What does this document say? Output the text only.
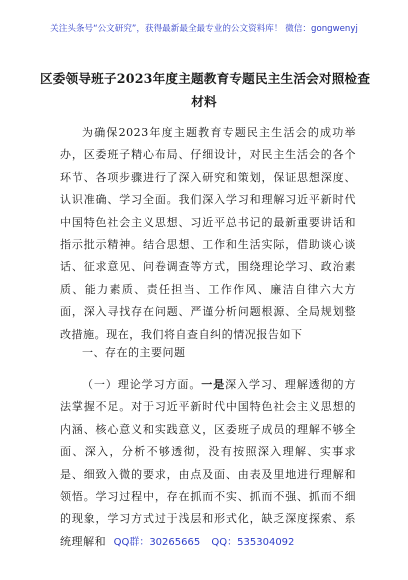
关注头条号“公文研究”，获得最新最全最专业的公文资料库！ 微信：gongwenyj
区委领导班子2023年度主题教育专题民主生活会对照检查
材料

为确保2023年度主题教育专题民主生活会的成功举办，区委班子精心布局、仔细设计，对民主生活会的各个环节、各项步骤进行了深入研究和策划，保证思想深度、认识准确、学习全面。我们深入学习和理解习近平新时代中国特色社会主义思想、习近平总书记的最新重要讲话和指示批示精神。结合思想、工作和生活实际，借助谈心谈话、征求意见、问卷调查等方式，围绕理论学习、政治素质、能力素质、责任担当、工作作风、廉洁自律六大方面，深入寻找存在问题、严谨分析问题根源、全局规划整改措施。现在，我们将自查自纠的情况报告如下

一、存在的主要问题

（一）理论学习方面。一是深入学习、理解透彻的方法掌握不足。对于习近平新时代中国特色社会主义思想的内涵、核心意义和实践意义，区委班子成员的理解不够全面、深入，分析不够透彻，没有按照深入理解、实事求是、细致入微的要求，由点及面、由表及里地进行理解和领悟。学习过程中，存在抓而不实、抓而不强、抓而不细的现象，学习方式过于浅层和形式化，缺乏深度探索、系统理解和 QQ群：30265665 QQ：535304092
